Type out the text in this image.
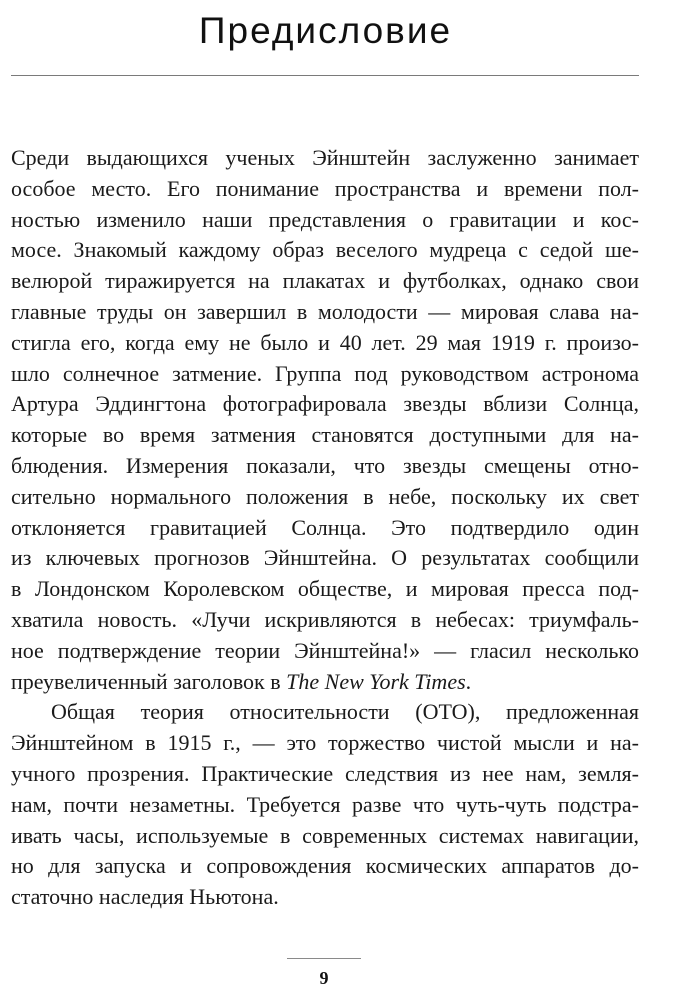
Предисловие

Среди выдающихся ученых Эйнштейн заслуженно занимает
особое место. Его понимание пространства и времени пол-
ностью изменило наши представления о гравитации и кос-
мосе. Знакомый каждому образ веселого мудреца с седой ше-
велюрой тиражируется на плакатах и футболках, однако свои
главные труды он завершил в молодости — мировая слава на-
стигла его, когда ему не было и 40 лет. 29 мая 1919 г. произо-
шло солнечное затмение. Группа под руководством астронома
Артура Эддингтона фотографировала звезды вблизи Солнца,
которые во время затмения становятся доступными для на-
блюдения. Измерения показали, что звезды смещены отно-
сительно нормального положения в небе, поскольку их свет
отклоняется гравитацией Солнца. Это подтвердило один
из ключевых прогнозов Эйнштейна. О результатах сообщили
в Лондонском Королевском обществе, и мировая пресса под-
хватила новость. «Лучи искривляются в небесах: триумфаль-
ное подтверждение теории Эйнштейна!» — гласил несколько
преувеличенный заголовок в The New York Times.

Общая теория относительности (ОТО), предложенная
Эйнштейном в 1915 г., — это торжество чистой мысли и на-
учного прозрения. Практические следствия из нее нам, земля-
нам, почти незаметны. Требуется разве что чуть-чуть подстра-
ивать часы, используемые в современных системах навигации,
но для запуска и сопровождения космических аппаратов до-
статочно наследия Ньютона.

9
